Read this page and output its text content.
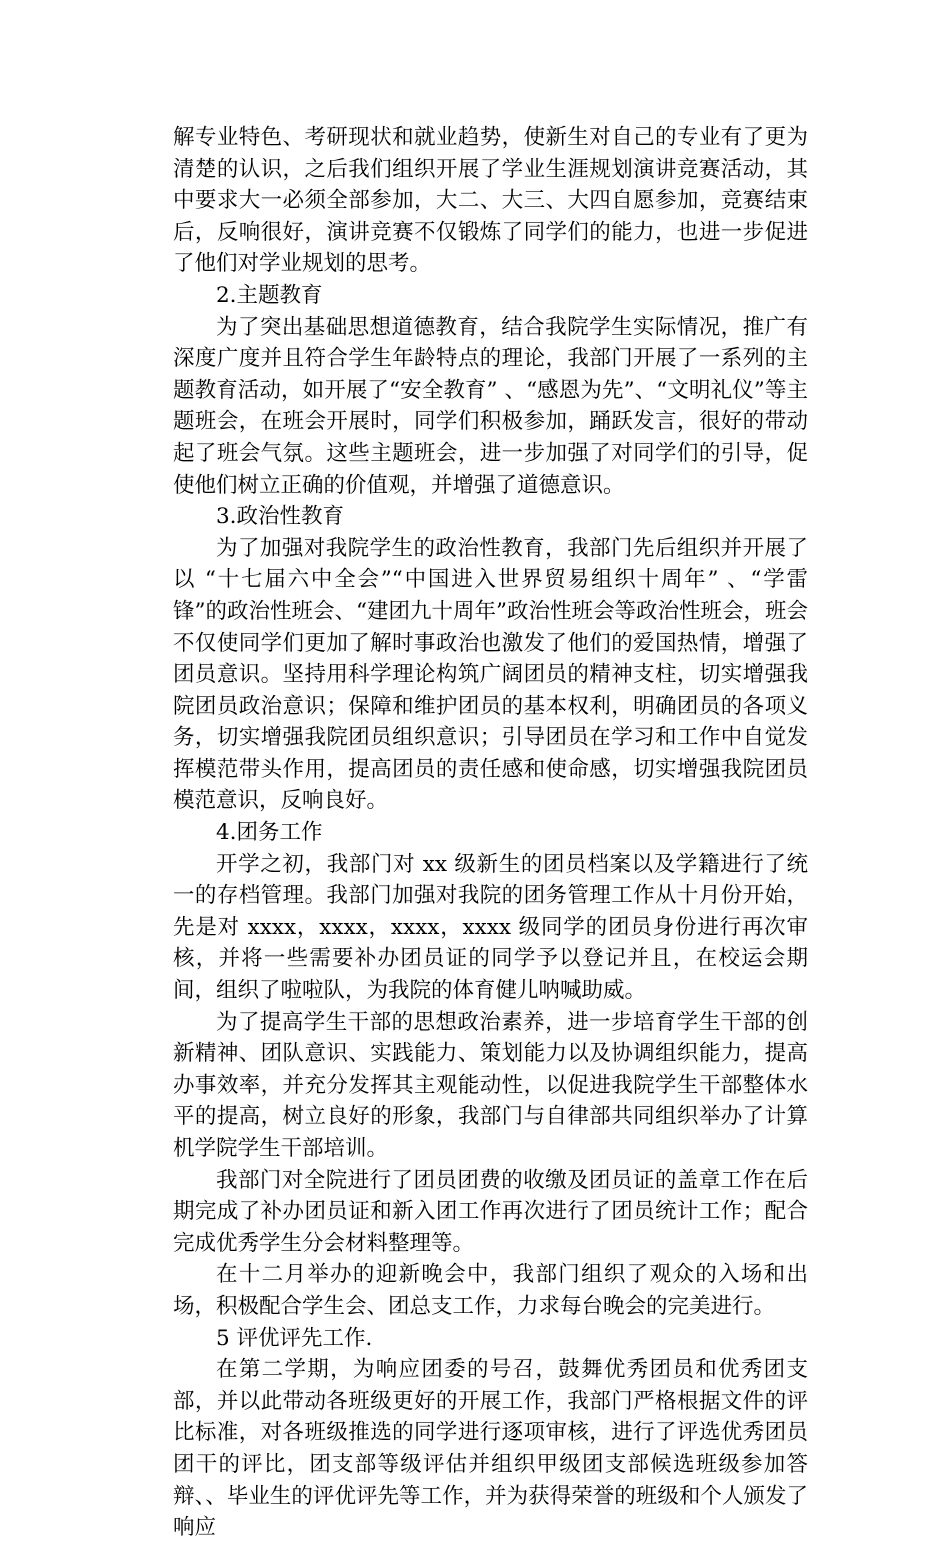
解专业特色、考研现状和就业趋势，使新生对自己的专业有了更为清楚的认识，之后我们组织开展了学业生涯规划演讲竞赛活动，其中要求大一必须全部参加，大二、大三、大四自愿参加，竞赛结束后，反响很好，演讲竞赛不仅锻炼了同学们的能力，也进一步促进了他们对学业规划的思考。

2.主题教育

为了突出基础思想道德教育，结合我院学生实际情况，推广有深度广度并且符合学生年龄特点的理论，我部门开展了一系列的主题教育活动，如开展了“安全教育” 、“感恩为先”、“文明礼仪”等主题班会，在班会开展时，同学们积极参加，踊跃发言，很好的带动起了班会气氛。这些主题班会，进一步加强了对同学们的引导，促使他们树立正确的价值观，并增强了道德意识。

3.政治性教育

为了加强对我院学生的政治性教育，我部门先后组织并开展了以 “十七届六中全会”“中国进入世界贸易组织十周年” 、“学雷锋”的政治性班会、“建团九十周年”政治性班会等政治性班会，班会不仅使同学们更加了解时事政治也激发了他们的爱国热情，增强了团员意识。坚持用科学理论构筑广阔团员的精神支柱，切实增强我院团员政治意识；保障和维护团员的基本权利，明确团员的各项义务，切实增强我院团员组织意识；引导团员在学习和工作中自觉发挥模范带头作用，提高团员的责任感和使命感，切实增强我院团员模范意识，反响良好。

4.团务工作

开学之初，我部门对 xx 级新生的团员档案以及学籍进行了统一的存档管理。我部门加强对我院的团务管理工作从十月份开始，先是对 xxxx，xxxx，xxxx，xxxx 级同学的团员身份进行再次审核，并将一些需要补办团员证的同学予以登记并且，在校运会期间，组织了啦啦队，为我院的体育健儿呐喊助威。

为了提高学生干部的思想政治素养，进一步培育学生干部的创新精神、团队意识、实践能力、策划能力以及协调组织能力，提高办事效率，并充分发挥其主观能动性，以促进我院学生干部整体水平的提高，树立良好的形象，我部门与自律部共同组织举办了计算机学院学生干部培训。

我部门对全院进行了团员团费的收缴及团员证的盖章工作在后期完成了补办团员证和新入团工作再次进行了团员统计工作；配合完成优秀学生分会材料整理等。

在十二月举办的迎新晚会中，我部门组织了观众的入场和出场，积极配合学生会、团总支工作，力求每台晚会的完美进行。

5 评优评先工作.

在第二学期，为响应团委的号召，鼓舞优秀团员和优秀团支部，并以此带动各班级更好的开展工作，我部门严格根据文件的评比标准，对各班级推选的同学进行逐项审核，进行了评选优秀团员团干的评比，团支部等级评估并组织甲级团支部候选班级参加答辩、、毕业生的评优评先等工作，并为获得荣誉的班级和个人颁发了响应
